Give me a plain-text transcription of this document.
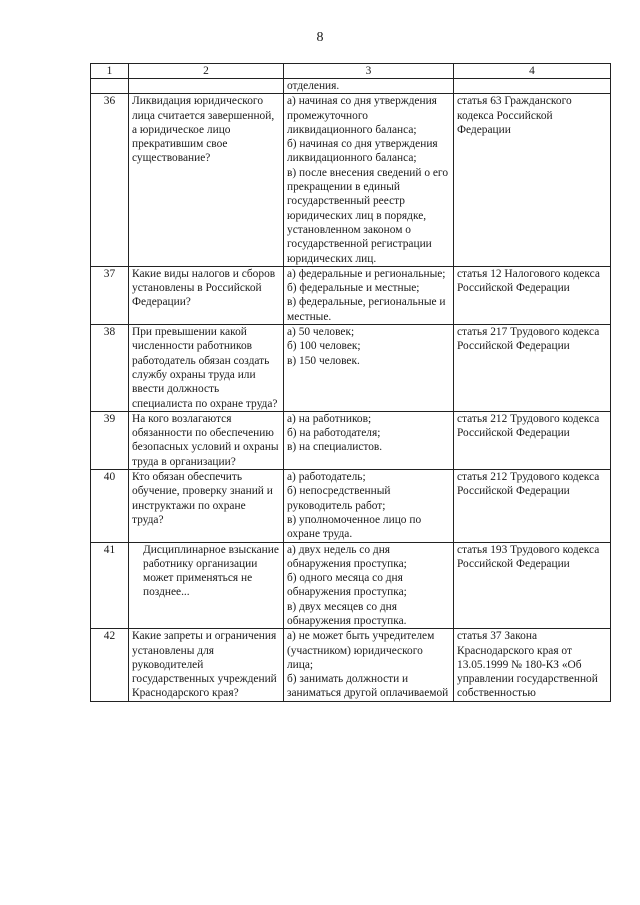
8
1	2	3	4

		отделения.	

36	Ликвидация юридического лица считается завершенной, а юридическое лицо прекратившим свое существование?	а) начиная со дня утверждения промежуточного ликвидационного баланса;
б) начиная со дня утверждения ликвидационного баланса;
в) после внесения сведений о его прекращении в единый государственный реестр юридических лиц в порядке, установленном законом о государственной регистрации юридических лиц.	статья 63 Гражданского кодекса Российской Федерации
37	Какие виды налогов и сборов установлены в Российской Федерации?	а) федеральные и региональные;
б) федеральные и местные;
в) федеральные, региональные и местные.	статья 12 Налогового кодекса Российской Федерации
38	При превышении какой численности работников работодатель обязан создать службу охраны труда или ввести должность специалиста по охране труда?	а) 50 человек;
б) 100 человек;
в) 150 человек.	статья 217 Трудового кодекса Российской Федерации
39	На кого возлагаются обязанности по обеспечению безопасных условий и охраны труда в организации?	а) на работников;
б) на работодателя;
в) на специалистов.	статья 212 Трудового кодекса Российской Федерации
40	Кто обязан обеспечить обучение, проверку знаний и инструктажи по охране труда?	а) работодатель;
б) непосредственный руководитель работ;
в) уполномоченное лицо по охране труда.	статья 212 Трудового кодекса Российской Федерации
41	Дисциплинарное взыскание работнику организации может применяться не позднее...	а) двух недель со дня обнаружения проступка;
б) одного месяца со дня обнаружения проступка;
в) двух месяцев со дня обнаружения проступка.	статья 193 Трудового кодекса Российской Федерации
42	Какие запреты и ограничения установлены для руководителей государственных учреждений Краснодарского края?	а) не может быть учредителем (участником) юридического лица;
б) занимать должности и заниматься другой оплачиваемой	статья 37 Закона Краснодарского края от 13.05.1999 № 180-КЗ «Об управлении государственной собственностью
